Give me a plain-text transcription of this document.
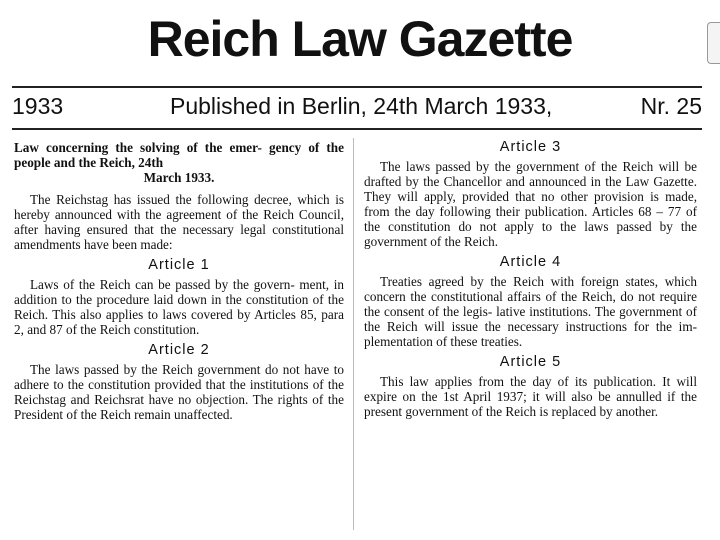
Reich Law Gazette
1933	Published in Berlin, 24th March 1933,	Nr. 25

Law concerning the solving of the emer- gency of the people and the Reich, 24th
March 1933.

The Reichstag has issued the following decree, which is hereby announced with the agreement of the Reich Council, after having ensured that the necessary legal constitutional amendments have been made:

Article 1

Laws of the Reich can be passed by the govern- ment, in addition to the procedure laid down in the constitution of the Reich. This also applies to laws covered by Articles 85, para 2, and 87 of the Reich constitution.

Article 2

The laws passed by the Reich government do not have to adhere to the constitution provided that the institutions of the Reichstag and Reichsrat have no objection. The rights of the President of the Reich remain unaffected.

Article 3

The laws passed by the government of the Reich will be drafted by the Chancellor and announced in the Law Gazette. They will apply, provided that no other provision is made, from the day following their publication. Articles 68 – 77 of the constitution do not apply to the laws passed by the government of the Reich.

Article 4

Treaties agreed by the Reich with foreign states, which concern the constitutional affairs of the Reich, do not require the consent of the legis- lative institutions. The government of the Reich will issue the necessary instructions for the im- plementation of these treaties.

Article 5

This law applies from the day of its publication. It will expire on the 1st April 1937; it will also be annulled if the present government of the Reich is replaced by another.
